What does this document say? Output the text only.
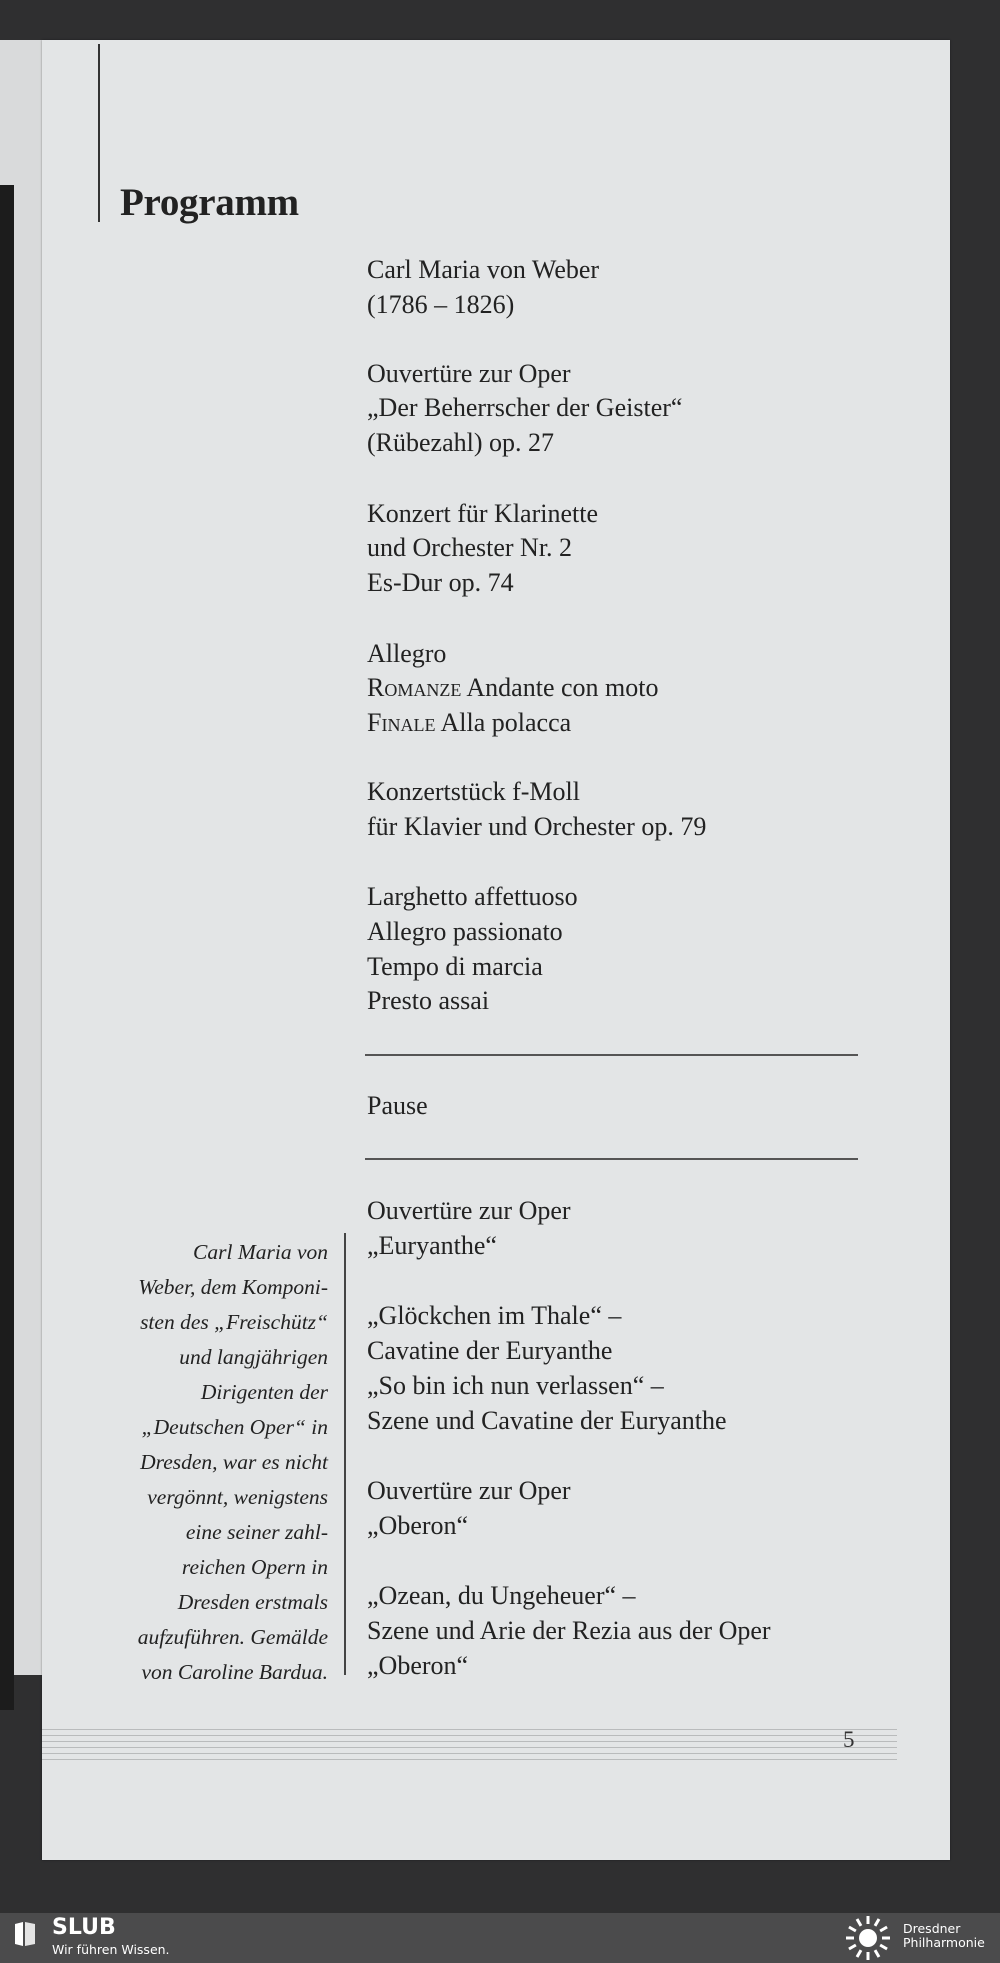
Programm
Carl Maria von Weber
(1786 – 1826)
Ouvertüre zur Oper
„Der Beherrscher der Geister“
(Rübezahl) op. 27
Konzert für Klarinette
und Orchester Nr. 2
Es-Dur op. 74
Allegro
Romanze Andante con moto
Finale Alla polacca
Konzertstück f-Moll
für Klavier und Orchester op. 79
Larghetto affettuoso
Allegro passionato
Tempo di marcia
Presto assai
Pause
Ouvertüre zur Oper
„Euryanthe“
„Glöckchen im Thale“ –
Cavatine der Euryanthe
„So bin ich nun verlassen“ –
Szene und Cavatine der Euryanthe
Ouvertüre zur Oper
„Oberon“
„Ozean, du Ungeheuer“ –
Szene und Arie der Rezia aus der Oper
„Oberon“
Carl Maria von
Weber, dem Komponi-
sten des „Freischütz“
und langjährigen
Dirigenten der
„Deutschen Oper“ in
Dresden, war es nicht
vergönnt, wenigstens
eine seiner zahl-
reichen Opern in
Dresden erstmals
aufzuführen. Gemälde
von Caroline Bardua.
5
SLUB
Wir führen Wissen.
Dresdner
Philharmonie
